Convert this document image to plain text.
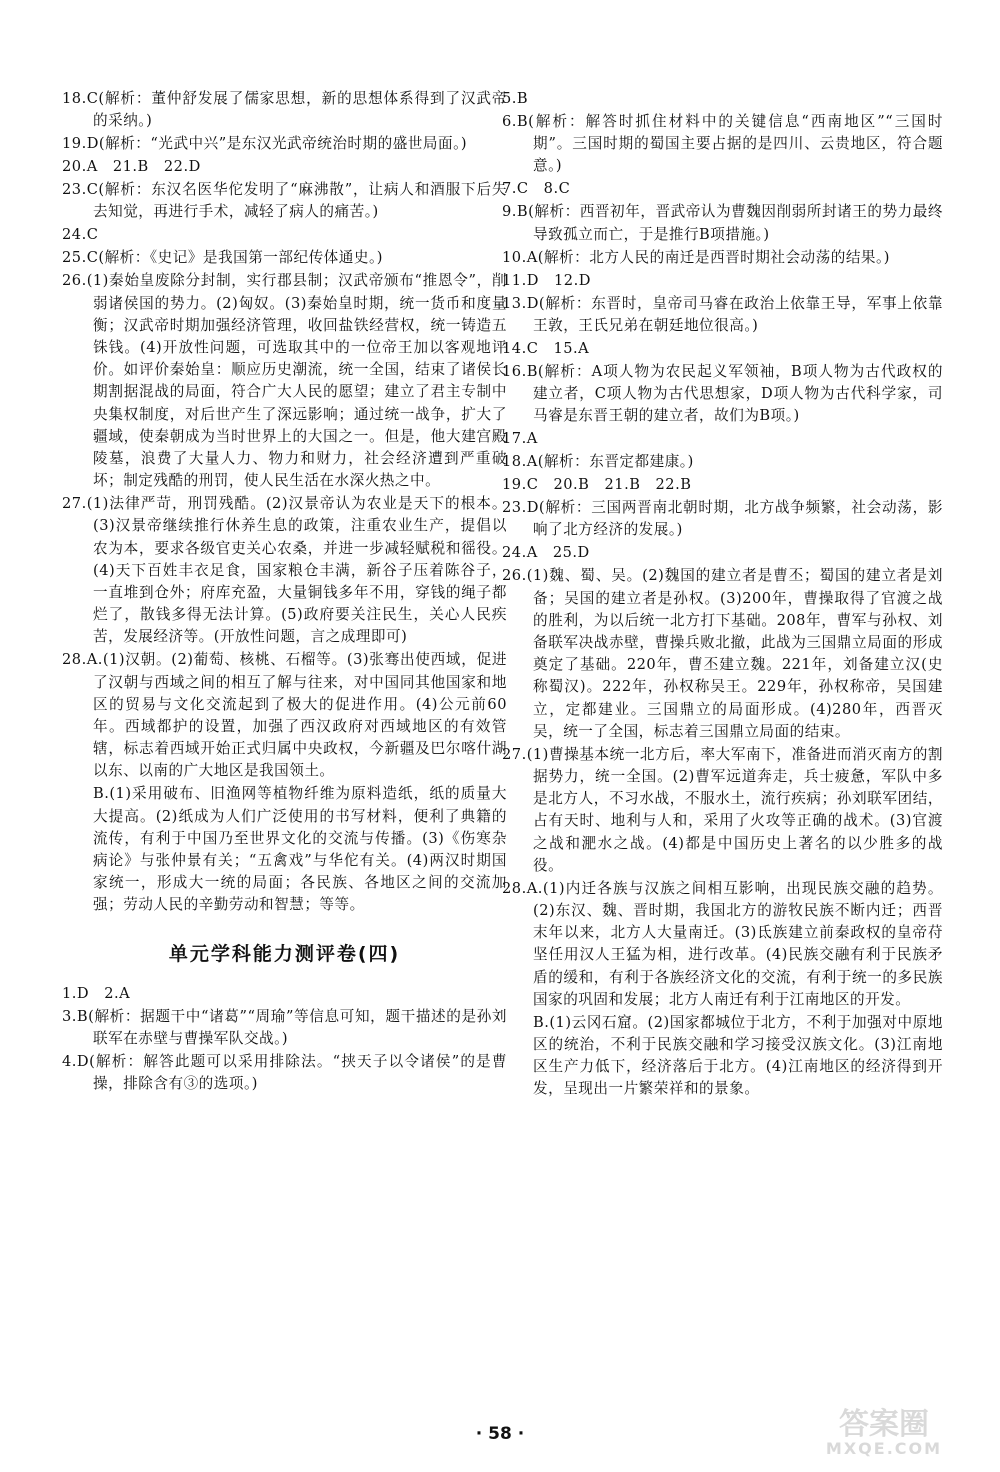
18.C(解析：董仲舒发展了儒家思想，新的思想体系得到了汉武帝的采纳。)
19.D(解析：“光武中兴”是东汉光武帝统治时期的盛世局面。)
20.A　21.B　22.D
23.C(解析：东汉名医华佗发明了“麻沸散”，让病人和酒服下后失去知觉，再进行手术，减轻了病人的痛苦。)
24.C
25.C(解析：《史记》是我国第一部纪传体通史。)
26.(1)秦始皇废除分封制，实行郡县制；汉武帝颁布“推恩令”，削弱诸侯国的势力。(2)匈奴。(3)秦始皇时期，统一货币和度量衡；汉武帝时期加强经济管理，收回盐铁经营权，统一铸造五铢钱。(4)开放性问题，可选取其中的一位帝王加以客观地评价。如评价秦始皇：顺应历史潮流，统一全国，结束了诸侯长期割据混战的局面，符合广大人民的愿望；建立了君主专制中央集权制度，对后世产生了深远影响；通过统一战争，扩大了疆域，使秦朝成为当时世界上的大国之一。但是，他大建宫殿陵墓，浪费了大量人力、物力和财力，社会经济遭到严重破坏；制定残酷的刑罚，使人民生活在水深火热之中。
27.(1)法律严苛，刑罚残酷。(2)汉景帝认为农业是天下的根本。(3)汉景帝继续推行休养生息的政策，注重农业生产，提倡以农为本，要求各级官吏关心农桑，并进一步减轻赋税和徭役。(4)天下百姓丰衣足食，国家粮仓丰满，新谷子压着陈谷子，一直堆到仓外；府库充盈，大量铜钱多年不用，穿钱的绳子都烂了，散钱多得无法计算。(5)政府要关注民生，关心人民疾苦，发展经济等。(开放性问题，言之成理即可)
28.A.(1)汉朝。(2)葡萄、核桃、石榴等。(3)张骞出使西域，促进了汉朝与西域之间的相互了解与往来，对中国同其他国家和地区的贸易与文化交流起到了极大的促进作用。(4)公元前60年。西域都护的设置，加强了西汉政府对西域地区的有效管辖，标志着西域开始正式归属中央政权，今新疆及巴尔喀什湖以东、以南的广大地区是我国领土。
B.(1)采用破布、旧渔网等植物纤维为原料造纸，纸的质量大大提高。(2)纸成为人们广泛使用的书写材料，便利了典籍的流传，有利于中国乃至世界文化的交流与传播。(3)《伤寒杂病论》与张仲景有关；“五禽戏”与华佗有关。(4)两汉时期国家统一，形成大一统的局面；各民族、各地区之间的交流加强；劳动人民的辛勤劳动和智慧；等等。
单元学科能力测评卷(四)
1.D　2.A
3.B(解析：据题干中“诸葛”“周瑜”等信息可知，题干描述的是孙刘联军在赤壁与曹操军队交战。)
4.D(解析：解答此题可以采用排除法。“挟天子以令诸侯”的是曹操，排除含有③的选项。)
5.B
6.B(解析：解答时抓住材料中的关键信息“西南地区”“三国时期”。三国时期的蜀国主要占据的是四川、云贵地区，符合题意。)
7.C　8.C
9.B(解析：西晋初年，晋武帝认为曹魏因削弱所封诸王的势力最终导致孤立而亡，于是推行B项措施。)
10.A(解析：北方人民的南迁是西晋时期社会动荡的结果。)
11.D　12.D
13.D(解析：东晋时，皇帝司马睿在政治上依靠王导，军事上依靠王敦，王氏兄弟在朝廷地位很高。)
14.C　15.A
16.B(解析：A项人物为农民起义军领袖，B项人物为古代政权的建立者，C项人物为古代思想家，D项人物为古代科学家，司马睿是东晋王朝的建立者，故们为B项。)
17.A
18.A(解析：东晋定都建康。)
19.C　20.B　21.B　22.B
23.D(解析：三国两晋南北朝时期，北方战争频繁，社会动荡，影响了北方经济的发展。)
24.A　25.D
26.(1)魏、蜀、吴。(2)魏国的建立者是曹丕；蜀国的建立者是刘备；吴国的建立者是孙权。(3)200年，曹操取得了官渡之战的胜利，为以后统一北方打下基础。208年，曹军与孙权、刘备联军决战赤壁，曹操兵败北撤，此战为三国鼎立局面的形成奠定了基础。220年，曹丕建立魏。221年，刘备建立汉(史称蜀汉)。222年，孙权称吴王。229年，孙权称帝，吴国建立，定都建业。三国鼎立的局面形成。(4)280年，西晋灭吴，统一了全国，标志着三国鼎立局面的结束。
27.(1)曹操基本统一北方后，率大军南下，准备进而消灭南方的割据势力，统一全国。(2)曹军远道奔走，兵士疲惫，军队中多是北方人，不习水战，不服水土，流行疾病；孙刘联军团结，占有天时、地利与人和，采用了火攻等正确的战术。(3)官渡之战和淝水之战。(4)都是中国历史上著名的以少胜多的战役。
28.A.(1)内迁各族与汉族之间相互影响，出现民族交融的趋势。(2)东汉、魏、晋时期，我国北方的游牧民族不断内迁；西晋末年以来，北方人大量南迁。(3)氐族建立前秦政权的皇帝苻坚任用汉人王猛为相，进行改革。(4)民族交融有利于民族矛盾的缓和，有利于各族经济文化的交流，有利于统一的多民族国家的巩固和发展；北方人南迁有利于江南地区的开发。
B.(1)云冈石窟。(2)国家都城位于北方，不利于加强对中原地区的统治，不利于民族交融和学习接受汉族文化。(3)江南地区生产力低下，经济落后于北方。(4)江南地区的经济得到开发，呈现出一片繁荣祥和的景象。
· 58 ·	答案圈
MXQE.COM
